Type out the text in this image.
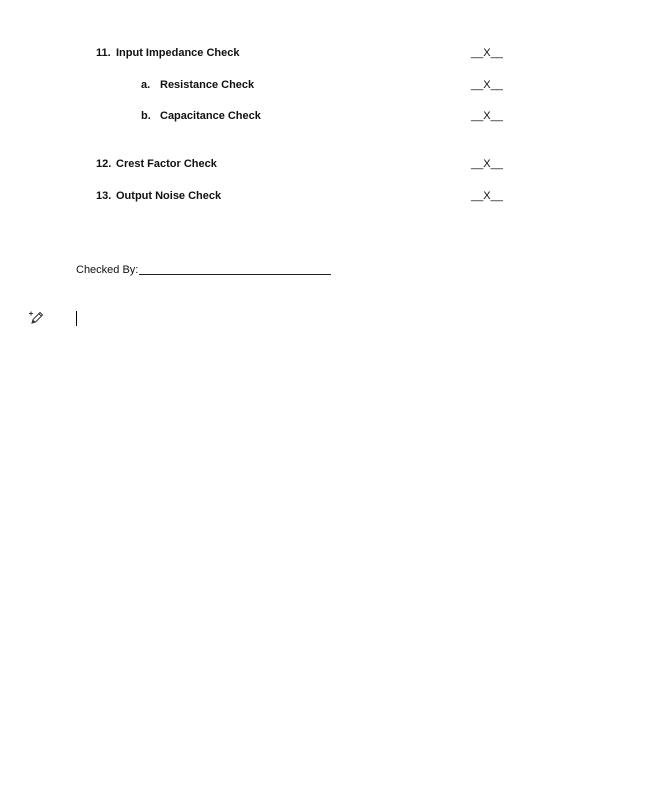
11. Input Impedance Check	__X__
a. Resistance Check	__X__
b. Capacitance Check	__X__
12. Crest Factor Check	__X__
13. Output Noise Check	__X__
Checked By:
